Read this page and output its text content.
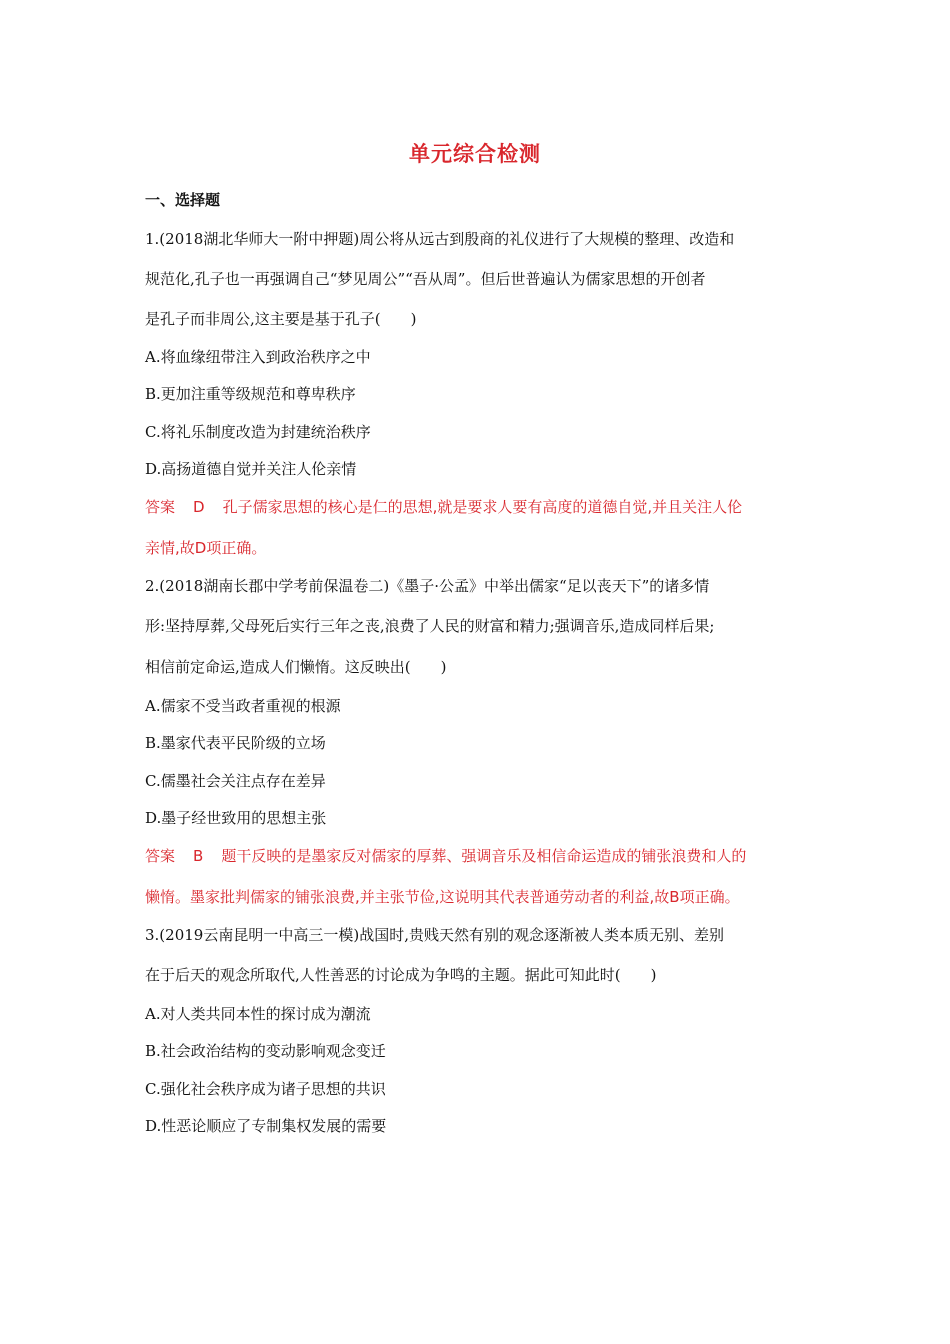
单元综合检测
一、选择题
1.(2018湖北华师大一附中押题)周公将从远古到殷商的礼仪进行了大规模的整理、改造和
规范化,孔子也一再强调自己“梦见周公”“吾从周”。但后世普遍认为儒家思想的开创者
是孔子而非周公,这主要是基于孔子(　　)
A.将血缘纽带注入到政治秩序之中
B.更加注重等级规范和尊卑秩序
C.将礼乐制度改造为封建统治秩序
D.高扬道德自觉并关注人伦亲情
答案 D 孔子儒家思想的核心是仁的思想,就是要求人要有高度的道德自觉,并且关注人伦
亲情,故D项正确。
2.(2018湖南长郡中学考前保温卷二)《墨子·公孟》中举出儒家“足以丧天下”的诸多情
形:坚持厚葬,父母死后实行三年之丧,浪费了人民的财富和精力;强调音乐,造成同样后果;
相信前定命运,造成人们懒惰。这反映出(　　)
A.儒家不受当政者重视的根源
B.墨家代表平民阶级的立场
C.儒墨社会关注点存在差异
D.墨子经世致用的思想主张
答案 B 题干反映的是墨家反对儒家的厚葬、强调音乐及相信命运造成的铺张浪费和人的
懒惰。墨家批判儒家的铺张浪费,并主张节俭,这说明其代表普通劳动者的利益,故B项正确。
3.(2019云南昆明一中高三一模)战国时,贵贱天然有别的观念逐渐被人类本质无别、差别
在于后天的观念所取代,人性善恶的讨论成为争鸣的主题。据此可知此时(　　)
A.对人类共同本性的探讨成为潮流
B.社会政治结构的变动影响观念变迁
C.强化社会秩序成为诸子思想的共识
D.性恶论顺应了专制集权发展的需要
